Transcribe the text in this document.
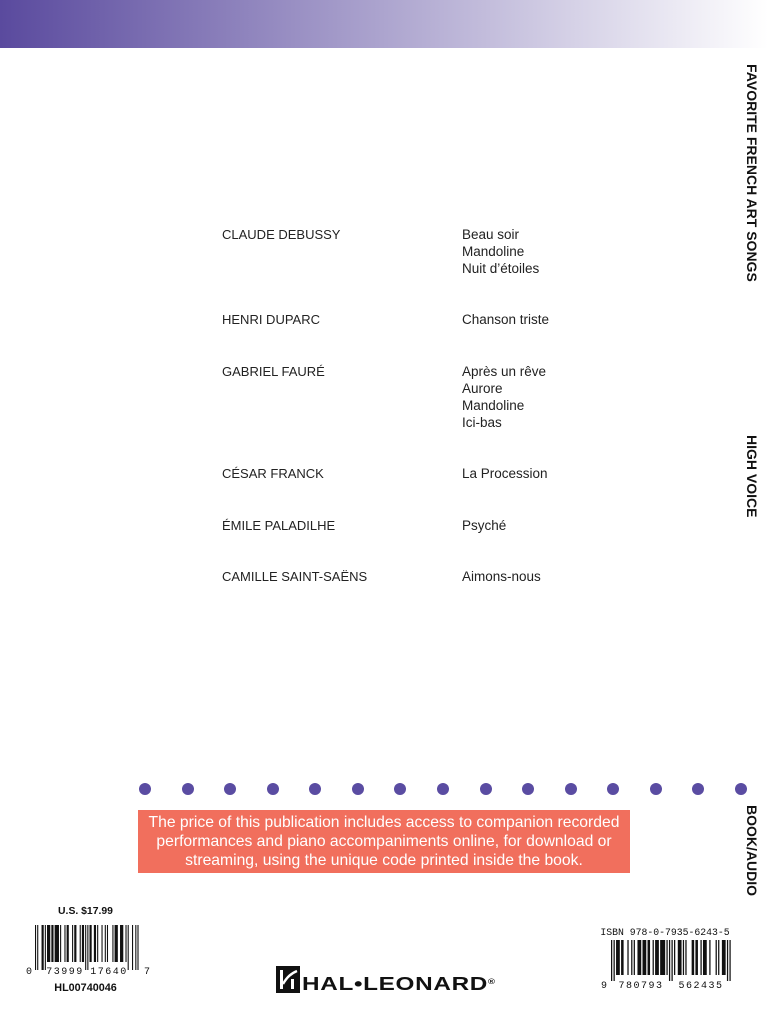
FAVORITE FRENCH ART SONGS
HIGH VOICE
BOOK/AUDIO
CLAUDE DEBUSSY	Beau soir
Mandoline
Nuit d’étoiles
HENRI DUPARC	Chanson triste
GABRIEL FAURÉ	Après un rêve
Aurore
Mandoline
Ici-bas
CÉSAR FRANCK	La Procession
ÉMILE PALADILHE	Psyché
CAMILLE SAINT-SAËNS	Aimons-nous
The price of this publication includes access to companion recorded
performances and piano accompaniments online, for download or
streaming, using the unique code printed inside the book.
U.S. $17.99
0 73999 17640 7
HL00740046	HAL•LEONARD®
ISBN 978-0-7935-6243-5
9 780793 562435
